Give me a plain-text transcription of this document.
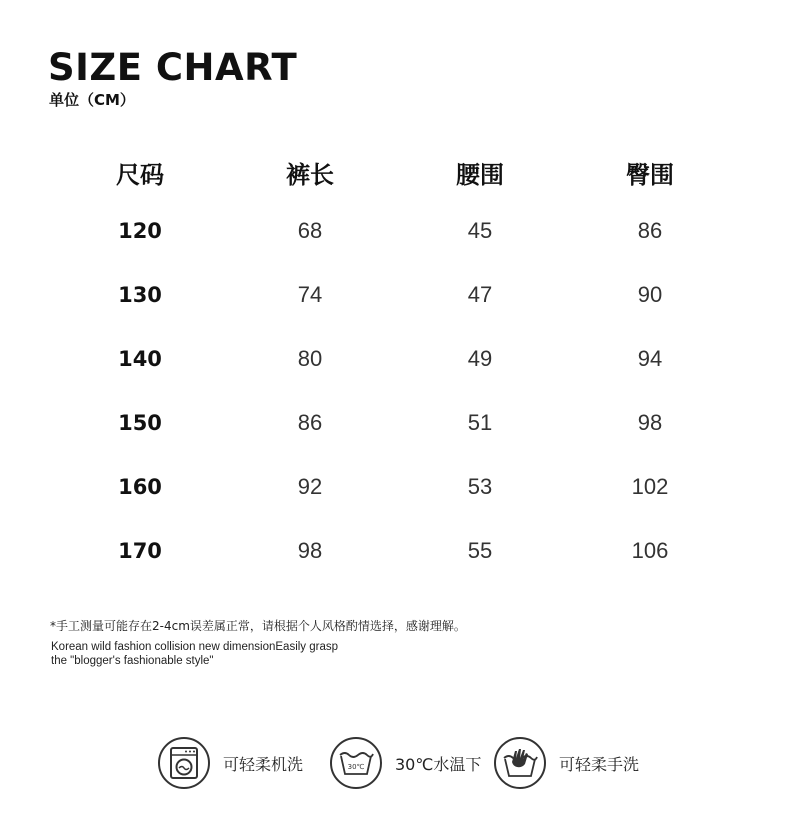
SIZE CHART
单位（CM）
尺码	裤长	腰围	臀围
120	68	45	86
130	74	47	90
140	80	49	94
150	86	51	98
160	92	53	102
170	98	55	106
*手工测量可能存在2-4cm误差属正常，请根据个人风格酌情选择，感谢理解。
Korean wild fashion collision new dimensionEasily grasp
the "blogger's fashionable style"
可轻柔机洗	30℃ 30℃水温下	可轻柔手洗
